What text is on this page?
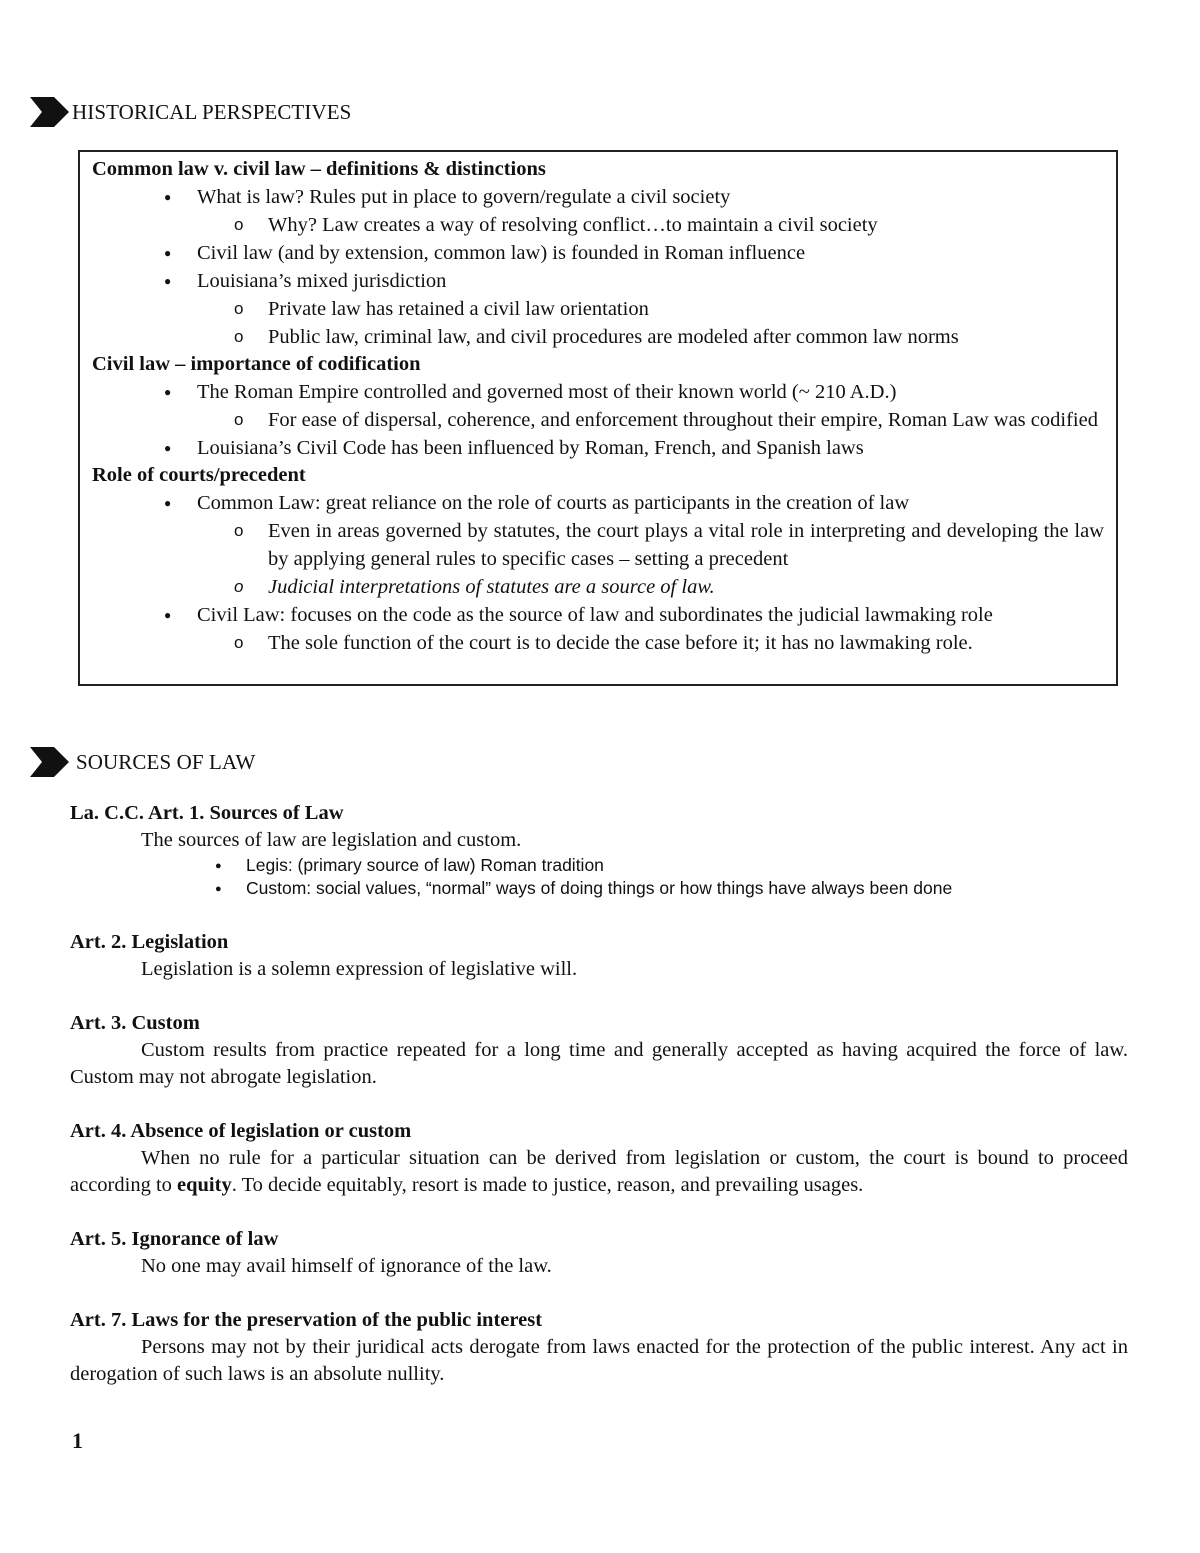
HISTORICAL PERSPECTIVES
Common law v. civil law – definitions & distinctions
● What is law? Rules put in place to govern/regulate a civil society
o Why? Law creates a way of resolving conflict…to maintain a civil society
● Civil law (and by extension, common law) is founded in Roman influence
● Louisiana’s mixed jurisdiction
o Private law has retained a civil law orientation
o Public law, criminal law, and civil procedures are modeled after common law norms
Civil law – importance of codification
● The Roman Empire controlled and governed most of their known world (~ 210 A.D.)
o For ease of dispersal, coherence, and enforcement throughout their empire, Roman Law was codified
● Louisiana’s Civil Code has been influenced by Roman, French, and Spanish laws
Role of courts/precedent
● Common Law: great reliance on the role of courts as participants in the creation of law
o Even in areas governed by statutes, the court plays a vital role in interpreting and developing the law by applying general rules to specific cases – setting a precedent
o Judicial interpretations of statutes are a source of law.
● Civil Law: focuses on the code as the source of law and subordinates the judicial lawmaking role
o The sole function of the court is to decide the case before it; it has no lawmaking role.
SOURCES OF LAW
La. C.C. Art. 1. Sources of Law
The sources of law are legislation and custom.
● Legis: (primary source of law) Roman tradition
● Custom: social values, “normal” ways of doing things or how things have always been done
Art. 2. Legislation
Legislation is a solemn expression of legislative will.
Art. 3. Custom
Custom results from practice repeated for a long time and generally accepted as having acquired the force of law. Custom may not abrogate legislation.
Art. 4. Absence of legislation or custom
When no rule for a particular situation can be derived from legislation or custom, the court is bound to proceed according to equity. To decide equitably, resort is made to justice, reason, and prevailing usages.
Art. 5. Ignorance of law
No one may avail himself of ignorance of the law.
Art. 7. Laws for the preservation of the public interest
Persons may not by their juridical acts derogate from laws enacted for the protection of the public interest. Any act in derogation of such laws is an absolute nullity.
1
